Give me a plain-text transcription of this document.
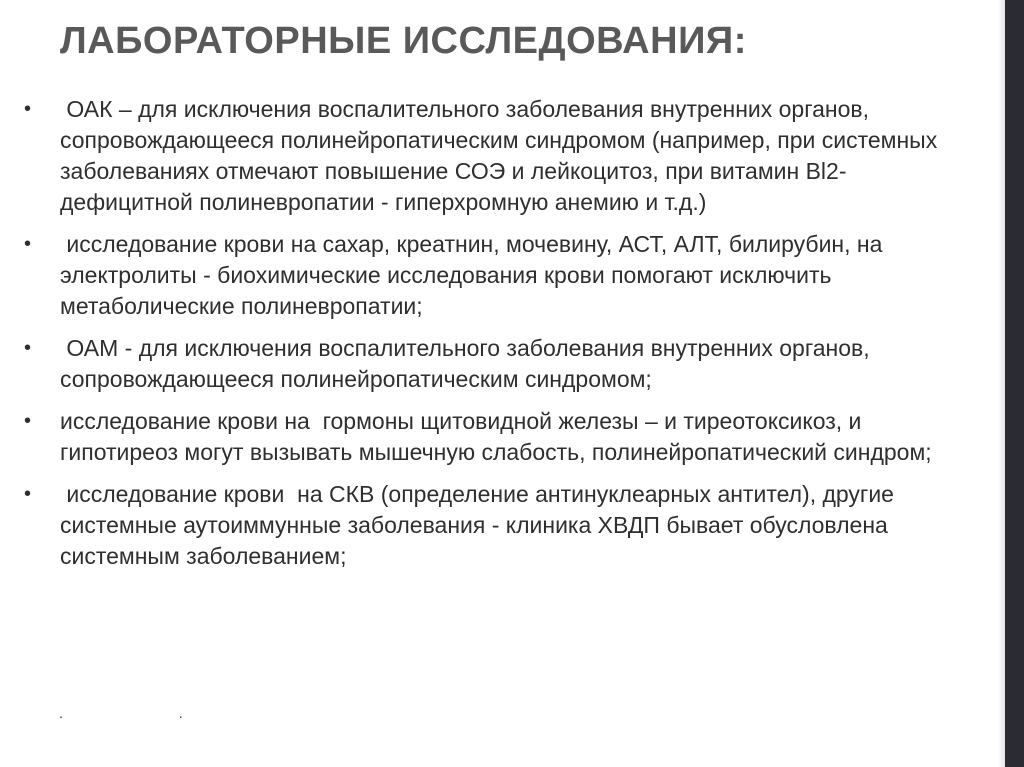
ЛАБОРАТОРНЫЕ ИССЛЕДОВАНИЯ:
• ОАК – для исключения воспалительного заболевания внутренних органов, сопровождающееся полинейропатическим синдромом (например, при системных заболеваниях отмечают повышение СОЭ и лейкоцитоз, при витамин Bl2-дефицитной полиневропатии - гиперхромную анемию и т.д.)
• исследование крови на сахар, креатнин, мочевину, АСТ, АЛТ, билирубин, на электролиты - биохимические исследования крови помогают исключить метаболические полиневропатии;
• ОАМ - для исключения воспалительного заболевания внутренних органов, сопровождающееся полинейропатическим синдромом;
• исследование крови на  гормоны щитовидной железы – и тиреотоксикоз, и гипотиреоз могут вызывать мышечную слабость, полинейропатический синдром;
• исследование крови  на СКВ (определение антинуклеарных антител), другие системные аутоиммунные заболевания - клиника ХВДП бывает обусловлена системным заболеванием;
. .
